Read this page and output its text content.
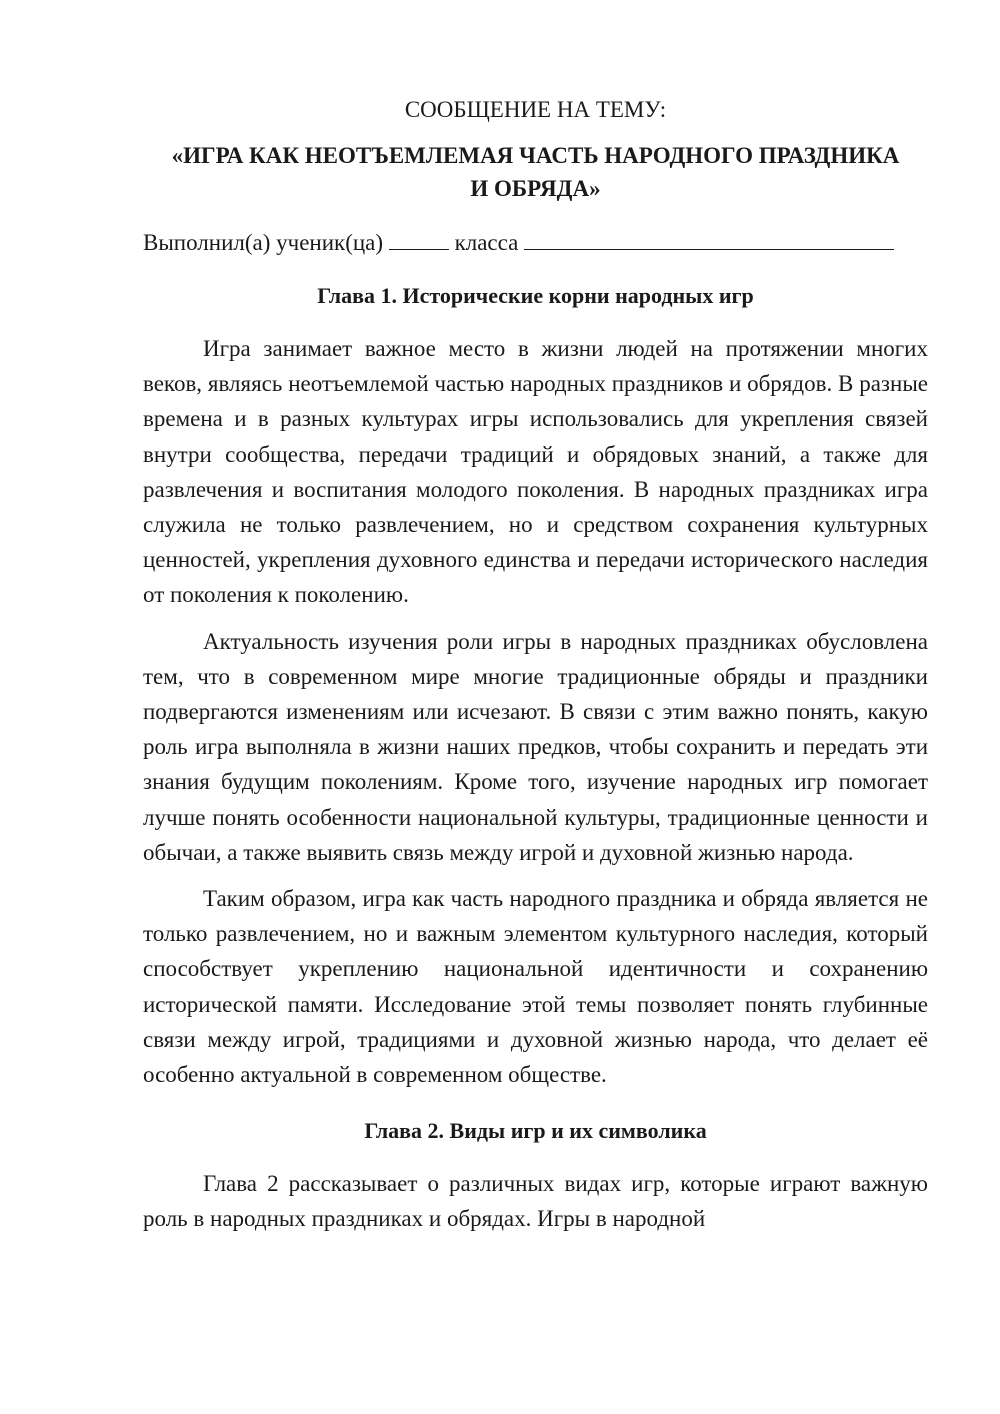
СООБЩЕНИЕ НА ТЕМУ:

«ИГРА КАК НЕОТЪЕМЛЕМАЯ ЧАСТЬ НАРОДНОГО ПРАЗДНИКА
И ОБРЯДА»

Выполнил(а) ученик(ца)	класса

Глава 1. Исторические корни народных игр

Игра занимает важное место в жизни людей на протяжении многих веков, являясь неотъемлемой частью народных праздников и обрядов. В разные времена и в разных культурах игры использовались для укрепления связей внутри сообщества, передачи традиций и обрядовых знаний, а также для развлечения и воспитания молодого поколения. В народных праздниках игра служила не только развлечением, но и средством сохранения культурных ценностей, укрепления духовного единства и передачи исторического наследия от поколения к поколению.

Актуальность изучения роли игры в народных праздниках обусловлена тем, что в современном мире многие традиционные обряды и праздники подвергаются изменениям или исчезают. В связи с этим важно понять, какую роль игра выполняла в жизни наших предков, чтобы сохранить и передать эти знания будущим поколениям. Кроме того, изучение народных игр помогает лучше понять особенности национальной культуры, традиционные ценности и обычаи, а также выявить связь между игрой и духовной жизнью народа.

Таким образом, игра как часть народного праздника и обряда является не только развлечением, но и важным элементом культурного наследия, который способствует укреплению национальной идентичности и сохранению исторической памяти. Исследование этой темы позволяет понять глубинные связи между игрой, традициями и духовной жизнью народа, что делает её особенно актуальной в современном обществе.

Глава 2. Виды игр и их символика

Глава 2 рассказывает о различных видах игр, которые играют важную роль в народных праздниках и обрядах. Игры в народной
